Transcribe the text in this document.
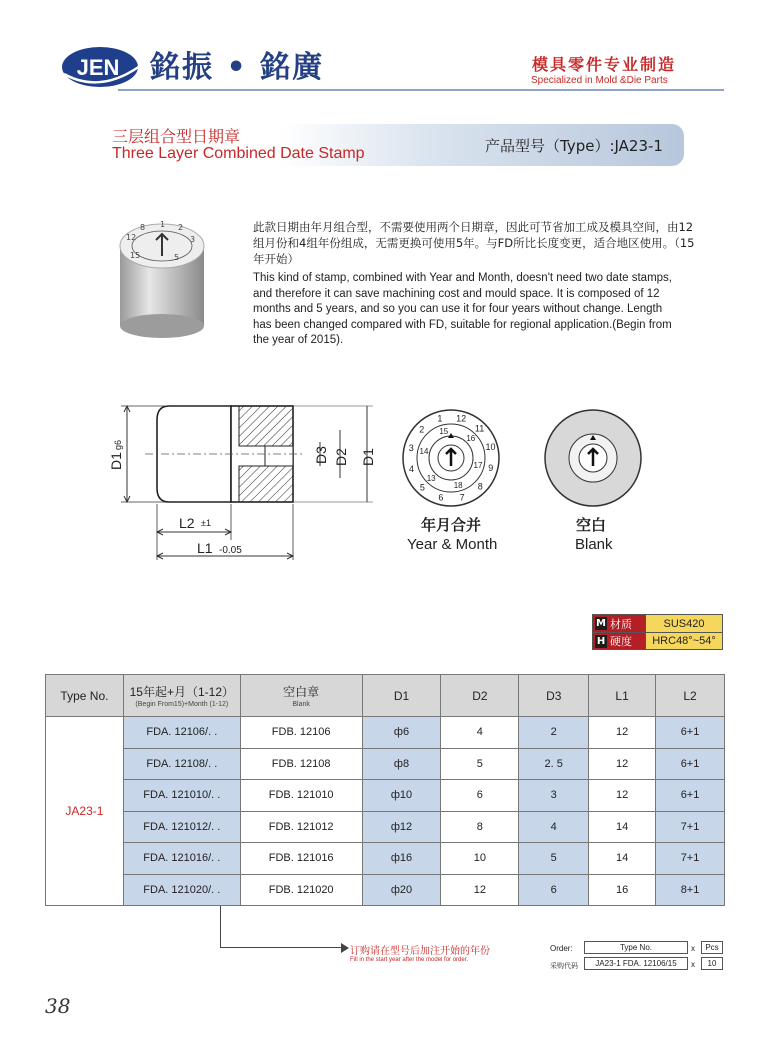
JEN 銘振 • 銘廣	模具零件专业制造
Specialized in Mold &Die Parts
三层组合型日期章
Three Layer Combined Date Stamp	产品型号（Type）:JA23-1
12
8 1 2
3
15	5
此款日期由年月组合型，不需要使用两个日期章，因此可节省加工成及模具空间，由12组月份和4组年份组成，无需更换可使用5年。与FD所比长度变更，适合地区使用。（15年开始）
This kind of stamp, combined with Year and Month, doesn't need two date stamps, and therefore it can save machining cost and mould space. It is composed of 12 months and 5 years, and so you can use it for four years without change. Length has been changed compared with FD, suitable for regional application.(Begin from the year of 2015).
D1
g6
D3 D2 D1
L2 ±1
L1 -0.05
12
11
10
9
8
7
6
5
4
3
2
1
13
14
15
16
17
18
年月合并
Year & Month
空白
Blank
M 材质	SUS420
H 硬度	HRC48°~54°
Type No.	15年起+月（1-12）
(Begin From15)+Month (1-12)	空白章
Blank	D1	D2	D3	L1	L2
JA23-1	FDA. 12106/. .	FDB. 12106	ф6	4	2	12	6+1
	FDA. 12108/. .	FDB. 12108	ф8	5	2. 5	12	6+1
	FDA. 121010/. .	FDB. 121010	ф10	6	3	12	6+1
	FDA. 121012/. .	FDB. 121012	ф12	8	4	14	7+1
	FDA. 121016/. .	FDB. 121016	ф16	10	5	14	7+1
	FDA. 121020/. .	FDB. 121020	ф20	12	6	16	8+1
订购请在型号后加注开始的年份
Fill in the start year after the model for order.
Order:
采购代码
Type No.	x	Pcs
JA23-1 FDA. 12106/15	x	10
38
